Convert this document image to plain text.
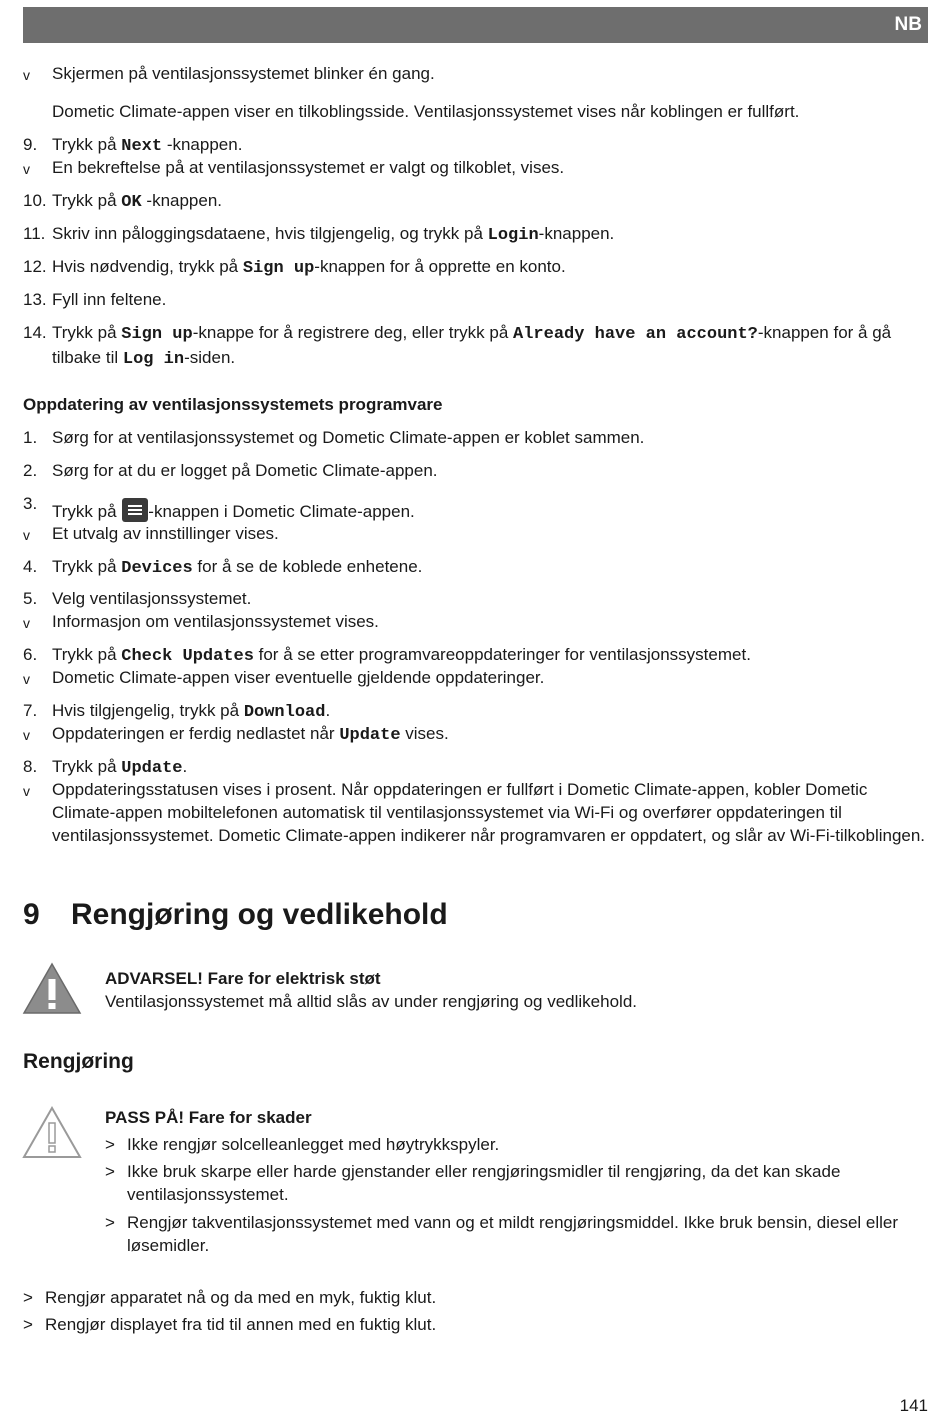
NB
v Skjermen på ventilasjonssystemet blinker én gang.
Dometic Climate-appen viser en tilkoblingsside. Ventilasjonssystemet vises når koblingen er fullført.
9. Trykk på Next -knappen.
v En bekreftelse på at ventilasjonssystemet er valgt og tilkoblet, vises.
10. Trykk på OK -knappen.
11. Skriv inn påloggingsdataene, hvis tilgjengelig, og trykk på Login-knappen.
12. Hvis nødvendig, trykk på Sign up-knappen for å opprette en konto.
13. Fyll inn feltene.
14. Trykk på Sign up-knappe for å registrere deg, eller trykk på Already have an account?-knappen for å gå tilbake til Log in-siden.
Oppdatering av ventilasjonssystemets programvare
1. Sørg for at ventilasjonssystemet og Dometic Climate-appen er koblet sammen.
2. Sørg for at du er logget på Dometic Climate-appen.
3. Trykk på
-knappen i Dometic Climate-appen.
v Et utvalg av innstillinger vises.
4. Trykk på Devices for å se de koblede enhetene.
5. Velg ventilasjonssystemet.
v Informasjon om ventilasjonssystemet vises.
6. Trykk på Check Updates for å se etter programvareoppdateringer for ventilasjonssystemet.
v Dometic Climate-appen viser eventuelle gjeldende oppdateringer.
7. Hvis tilgjengelig, trykk på Download.
v Oppdateringen er ferdig nedlastet når Update vises.
8. Trykk på Update.
v Oppdateringsstatusen vises i prosent. Når oppdateringen er fullført i Dometic Climate-appen, kobler Dometic Climate-appen mobiltelefonen automatisk til ventilasjonssystemet via Wi-Fi og overfører oppdateringen til ventilasjonssystemet. Dometic Climate-appen indikerer når programvaren er oppdatert, og slår av Wi-Fi-tilkoblingen.
9 Rengjøring og vedlikehold
ADVARSEL! Fare for elektrisk støt
Ventilasjonssystemet må alltid slås av under rengjøring og vedlikehold.
Rengjøring
PASS PÅ! Fare for skader
> Ikke rengjør solcelleanlegget med høytrykkspyler.
> Ikke bruk skarpe eller harde gjenstander eller rengjøringsmidler til rengjøring, da det kan skade ventilasjonssystemet.
> Rengjør takventilasjonssystemet med vann og et mildt rengjøringsmiddel. Ikke bruk bensin, diesel eller løsemidler.
> Rengjør apparatet nå og da med en myk, fuktig klut.
> Rengjør displayet fra tid til annen med en fuktig klut.
141
